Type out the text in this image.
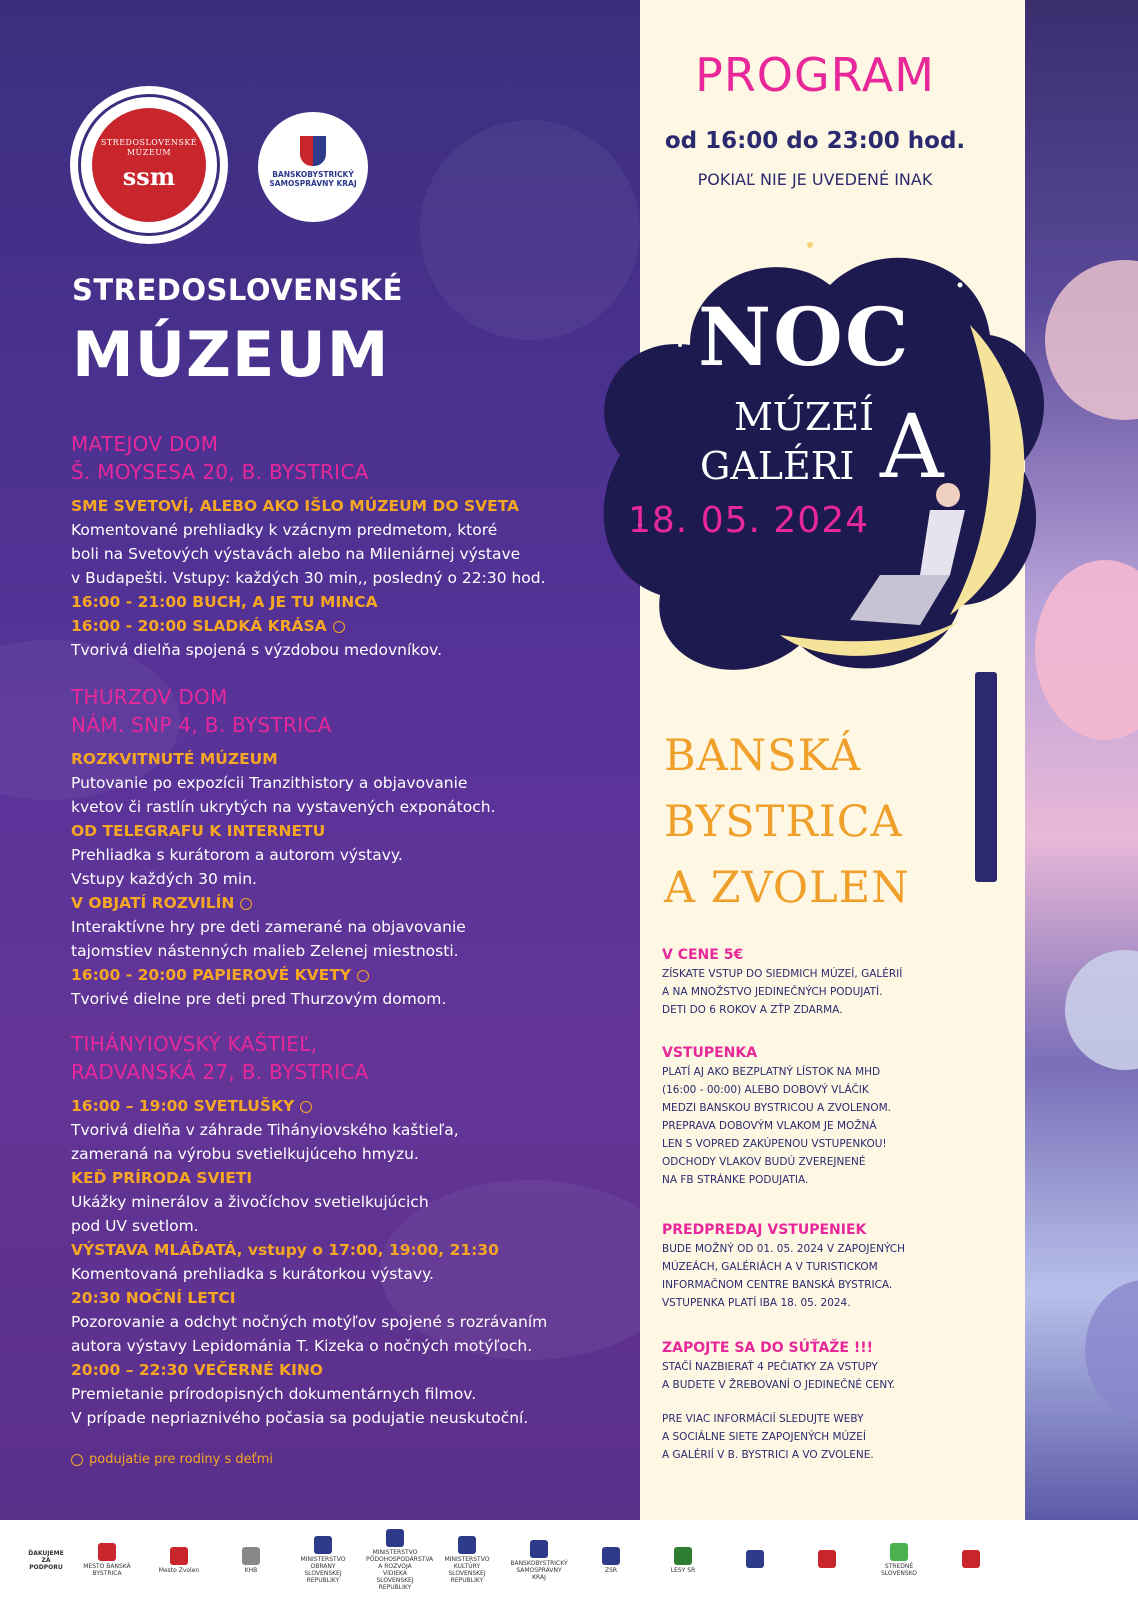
STREDOSLOVENSKÉ
MÚZEUM
ssm	BANSKOBYSTRICKÝ
SAMOSPRÁVNY KRAJ
STREDOSLOVENSKÉ
MÚZEUM
MATEJOV DOM
Š. MOYSESA 20, B. BYSTRICA
SME SVETOVÍ, ALEBO AKO IŠLO MÚZEUM DO SVETA
Komentované prehliadky k vzácnym predmetom, ktoré
boli na Svetových výstavách alebo na Mileniárnej výstave
v Budapešti. Vstupy: každých 30 min,, posledný o 22:30 hod.
16:00 - 21:00 BUCH, A JE TU MINCA
16:00 - 20:00 SLADKÁ KRÁSA
Tvorivá dielňa spojená s výzdobou medovníkov.
THURZOV DOM
NÁM. SNP 4, B. BYSTRICA
ROZKVITNUTÉ MÚZEUM
Putovanie po expozícii Tranzithistory a objavovanie
kvetov či rastlín ukrytých na vystavených exponátoch.
OD TELEGRAFU K INTERNETU
Prehliadka s kurátorom a autorom výstavy.
Vstupy každých 30 min.
V OBJATÍ ROZVILÍN
Interaktívne hry pre deti zamerané na objavovanie
tajomstiev nástenných malieb Zelenej miestnosti.
16:00 - 20:00 PAPIEROVÉ KVETY
Tvorivé dielne pre deti pred Thurzovým domom.
TIHÁNYIOVSKÝ KAŠTIEĽ,
RADVANSKÁ 27, B. BYSTRICA
16:00 – 19:00 SVETLUŠKY
Tvorivá dielňa v záhrade Tihányiovského kaštieľa,
zameraná na výrobu svetielkujúceho hmyzu.
KEĎ PRÍRODA SVIETI
Ukážky minerálov a živočíchov svetielkujúcich
pod UV svetlom.
VÝSTAVA MLÁĎATÁ, vstupy o 17:00, 19:00, 21:30
Komentovaná prehliadka s kurátorkou výstavy.
20:30 NOČNÍ LETCI
Pozorovanie a odchyt nočných motýľov spojené s rozrávaním
autora výstavy Lepidománia T. Kizeka o nočných motýľoch.
20:00 – 22:30 VEČERNÉ KINO
Premietanie prírodopisných dokumentárnych filmov.
V prípade nepriaznivého počasia sa podujatie neuskutoční.
podujatie pre rodiny s deťmi
PROGRAM
od 16:00 do 23:00 hod.
POKIAĽ NIE JE UVEDENÉ INAK
NOC
MÚZEÍ
GALÉRI A
18. 05. 2024
BANSKÁ
BYSTRICA
A ZVOLEN
V CENE 5€
ZÍSKATE VSTUP DO SIEDMICH MÚZEÍ, GALÉRIÍ
A NA MNOŽSTVO JEDINEČNÝCH PODUJATÍ.
DETI DO 6 ROKOV A ZŤP ZDARMA.
VSTUPENKA
PLATÍ AJ AKO BEZPLATNÝ LÍSTOK NA MHD
(16:00 - 00:00) ALEBO DOBOVÝ VLÁČIK
MEDZI BANSKOU BYSTRICOU A ZVOLENOM.
PREPRAVA DOBOVÝM VLAKOM JE MOŽNÁ
LEN S VOPRED ZAKÚPENOU VSTUPENKOU!
ODCHODY VLAKOV BUDÚ ZVEREJNENÉ
NA FB STRÁNKE PODUJATIA.
PREDPREDAJ VSTUPENIEK
BUDE MOŽNÝ OD 01. 05. 2024 V ZAPOJENÝCH
MÚZEÁCH, GALÉRIÁCH A V TURISTICKOM
INFORMAČNOM CENTRE BANSKÁ BYSTRICA.
VSTUPENKA PLATÍ IBA 18. 05. 2024.
ZAPOJTE SA DO SÚŤAŽE !!!
STAČÍ NAZBIERAŤ 4 PEČIATKY ZA VSTUPY
A BUDETE V ŽREBOVANÍ O JEDINEČNÉ CENY.
PRE VIAC INFORMÁCIÍ SLEDUJTE WEBY
A SOCIÁLNE SIETE ZAPOJENÝCH MÚZEÍ
A GALÉRIÍ V B. BYSTRICI A VO ZVOLENE.
ĎAKUJEME ZA PODPORU	MESTO BANSKÁ BYSTRICA	Mesto Zvolen	KHB
MINISTERSTVO OBRANY SLOVENSKEJ REPUBLIKY
MINISTERSTVO PÔDOHOSPODÁRSTVA A ROZVOJA VIDIEKA SLOVENSKEJ REPUBLIKY
MINISTERSTVO KULTÚRY SLOVENSKEJ REPUBLIKY
BANSKOBYSTRICKÝ SAMOSPRÁVNY KRAJ
ZSR	LESY SR	STREDNÉ SLOVENSKO
